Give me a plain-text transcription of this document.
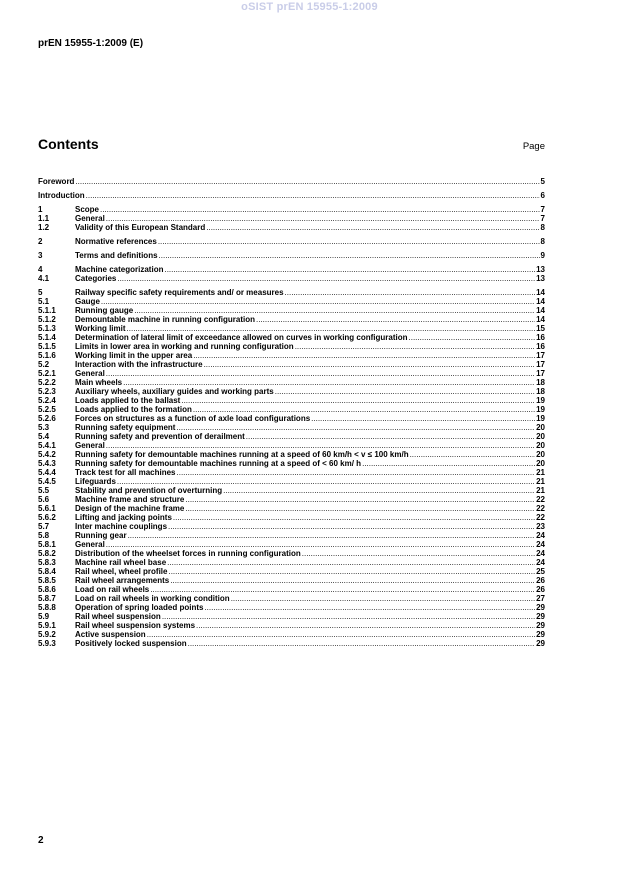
oSIST prEN 15955-1:2009
prEN 15955-1:2009 (E)
Contents	Page
Foreword .....	5
Introduction .....	6
1	Scope .....	7
1.1	General .....	7
1.2	Validity of this European Standard .....	8
2	Normative references .....	8
3	Terms and definitions .....	9
4	Machine categorization .....	13
4.1	Categories .....	13
5	Railway specific safety requirements and/ or measures .....	14
5.1	Gauge .....	14
5.1.1	Running gauge .....	14
5.1.2	Demountable machine in running configuration .....	14
5.1.3	Working limit .....	15
5.1.4	Determination of lateral limit of exceedance allowed on curves in working configuration .....	16
5.1.5	Limits in lower area in working and running configuration .....	16
5.1.6	Working limit in the upper area .....	17
5.2	Interaction with the infrastructure .....	17
5.2.1	General .....	17
5.2.2	Main wheels .....	18
5.2.3	Auxiliary wheels, auxiliary guides and working parts .....	18
5.2.4	Loads applied to the ballast .....	19
5.2.5	Loads applied to the formation .....	19
5.2.6	Forces on structures as a function of axle load configurations .....	19
5.3	Running safety equipment .....	20
5.4	Running safety and prevention of derailment .....	20
5.4.1	General .....	20
5.4.2	Running safety for demountable machines running at a speed of 60 km/h < v ≤ 100 km/h .....	20
5.4.3	Running safety for demountable machines running at a speed of < 60 km/ h .....	20
5.4.4	Track test for all machines .....	21
5.4.5	Lifeguards .....	21
5.5	Stability and prevention of overturning .....	21
5.6	Machine frame and structure .....	22
5.6.1	Design of the machine frame .....	22
5.6.2	Lifting and jacking points .....	22
5.7	Inter machine couplings .....	23
5.8	Running gear .....	24
5.8.1	General .....	24
5.8.2	Distribution of the wheelset forces in running configuration .....	24
5.8.3	Machine rail wheel base .....	24
5.8.4	Rail wheel, wheel profile .....	25
5.8.5	Rail wheel arrangements .....	26
5.8.6	Load on rail wheels .....	26
5.8.7	Load on rail wheels in working condition .....	27
5.8.8	Operation of spring loaded points .....	29
5.9	Rail wheel suspension .....	29
5.9.1	Rail wheel suspension systems .....	29
5.9.2	Active suspension .....	29
5.9.3	Positively locked suspension .....	29
2
